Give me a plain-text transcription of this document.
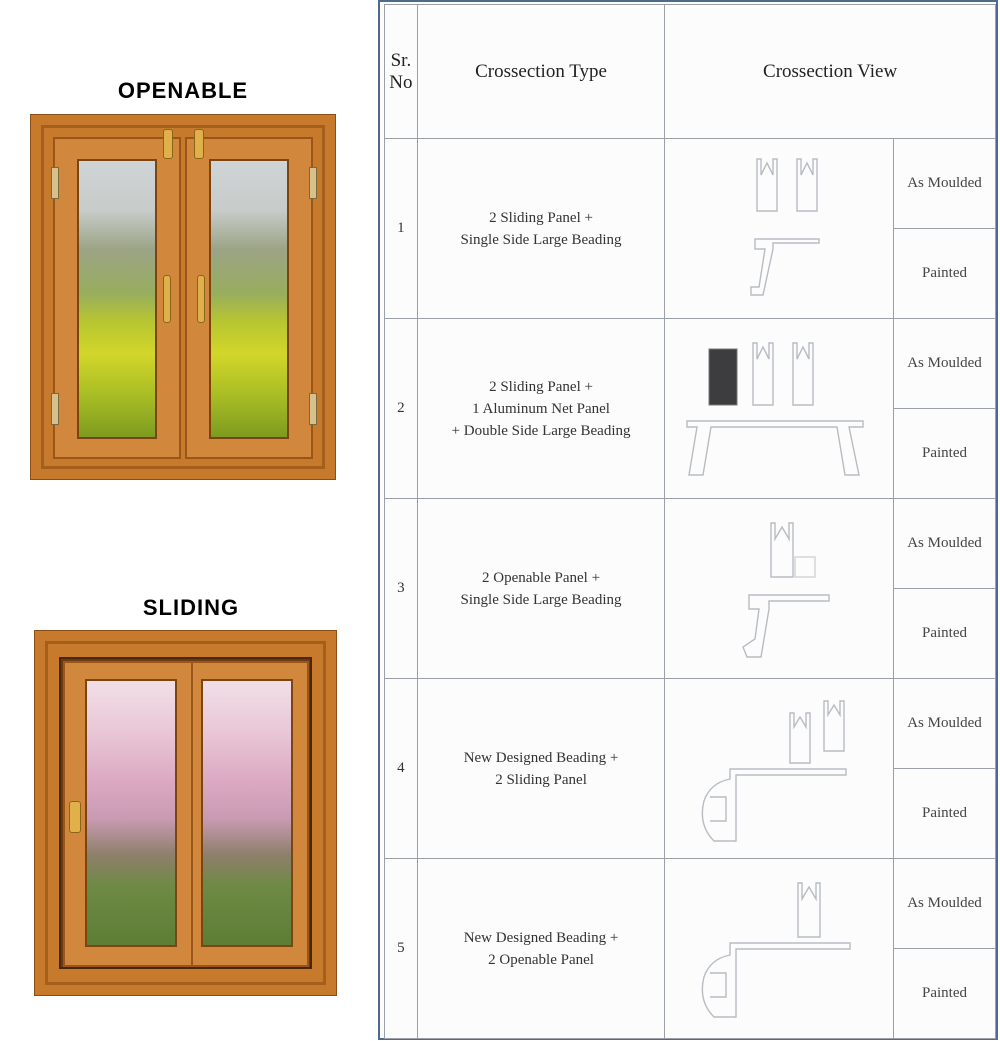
OPENABLE
SLIDING
Sr.
No	Crossection Type	Crossection View	
1	2 Sliding Panel +
Single Side Large Beading		As Moulded
			Painted
2	2 Sliding Panel +
1 Aluminum Net Panel
+ Double Side Large Beading		As Moulded
			Painted
3	2 Openable Panel +
Single Side Large Beading		As Moulded
			Painted
4	New Designed Beading +
2 Sliding Panel		As Moulded
			Painted
5	New Designed Beading +
2 Openable Panel		As Moulded
			Painted
